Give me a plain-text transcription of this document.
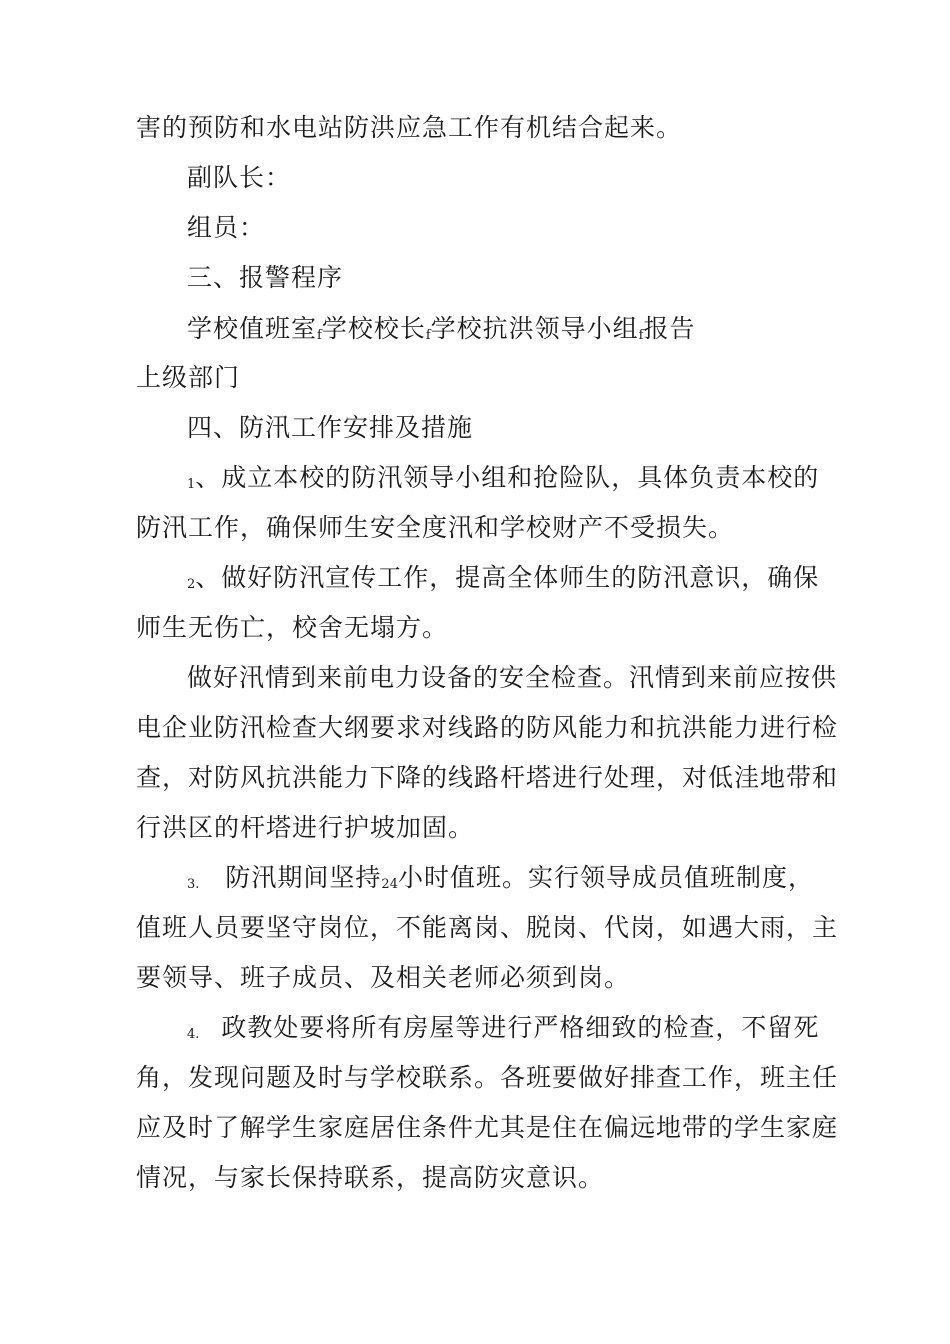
害的预防和水电站防洪应急工作有机结合起来。
副队长：
组员：
三、报警程序
学校值班室f学校校长f学校抗洪领导小组f报告
上级部门
四、防汛工作安排及措施
1、成立本校的防汛领导小组和抢险队，具体负责本校的
防汛工作，确保师生安全度汛和学校财产不受损失。
2、做好防汛宣传工作，提高全体师生的防汛意识，确保
师生无伤亡，校舍无塌方。
做好汛情到来前电力设备的安全检查。汛情到来前应按供
电企业防汛检查大纲要求对线路的防风能力和抗洪能力进行检
查，对防风抗洪能力下降的线路杆塔进行处理，对低洼地带和
行洪区的杆塔进行护坡加固。
3. 防汛期间坚持24小时值班。实行领导成员值班制度，
值班人员要坚守岗位，不能离岗、脱岗、代岗，如遇大雨，主
要领导、班子成员、及相关老师必须到岗。
4. 政教处要将所有房屋等进行严格细致的检查，不留死
角，发现问题及时与学校联系。各班要做好排查工作，班主任
应及时了解学生家庭居住条件尤其是住在偏远地带的学生家庭
情况，与家长保持联系，提高防灾意识。
